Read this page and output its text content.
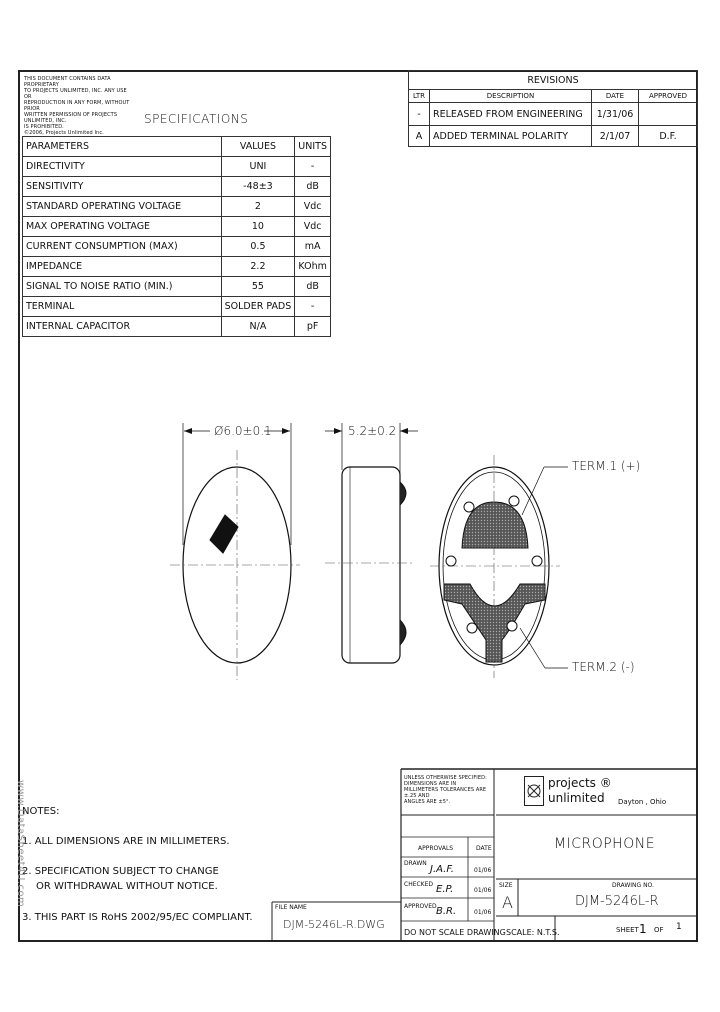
THIS DOCUMENT CONTAINS DATA PROPRIETARY
TO PROJECTS UNLIMITED, INC. ANY USE OR
REPRODUCTION IN ANY FORM, WITHOUT PRIOR
WRITTEN PERMISSION OF PROJECTS UNLIMITED, INC.
IS PROHIBITED.
©2006, Projects Unlimited Inc.
SPECIFICATIONS
PARAMETERS	VALUES	UNITS
DIRECTIVITY	UNI	-
SENSITIVITY	-48±3	dB
STANDARD OPERATING VOLTAGE	2	Vdc
MAX OPERATING VOLTAGE	10	Vdc
CURRENT CONSUMPTION (MAX)	0.5	mA
IMPEDANCE	2.2	KOhm
SIGNAL TO NOISE RATIO (MIN.)	55	dB
TERMINAL	SOLDER PADS	-
INTERNAL CAPACITOR	N/A	pF
REVISIONS			
LTR	DESCRIPTION	DATE	APPROVED
-	RELEASED FROM ENGINEERING	1/31/06	
A	ADDED TERMINAL POLARITY	2/1/07	D.F.
Ø6.0±0.1	5.2±0.2
TERM.1 (+)
TERM.2 (-)
NOTES:
1. ALL DIMENSIONS ARE IN MILLIMETERS.
2. SPECIFICATION SUBJECT TO CHANGE
OR WITHDRAWAL WITHOUT NOTICE.
3. THIS PART IS RoHS 2002/95/EC COMPLIANT.
www.DataSheet4U.com
FILE NAME
DJM-5246L-R.DWG
UNLESS OTHERWISE SPECIFIED:
DIMENSIONS ARE IN
MILLIMETERS TOLERANCES ARE ±.25 AND
ANGLES ARE ±5°.
APPROVALS	DATE
DRAWN
J.A.F.	01/06
CHECKED E.P.	01/06
APPROVED B.R.	01/06
DO NOT SCALE DRAWING
projects ®
unlimited Dayton , Ohio
MICROPHONE
SIZE
A
DRAWING NO.
DJM-5246L-R
SCALE: N.T.S.	SHEET 1 OF 1
